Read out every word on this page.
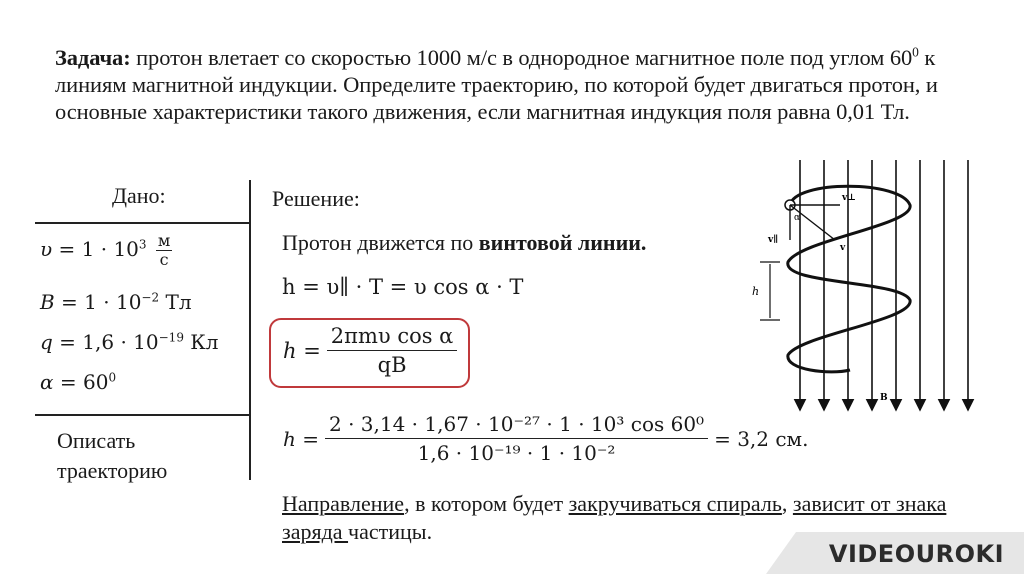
Задача: протон влетает со скоростью 1000 м/с в однородное магнитное поле под углом $60^0$ к линиям магнитной индукции. Определите траекторию, по которой будет двигаться протон, и основные характеристики такого движения, если магнитная индукция поля равна 0,01 Тл.
Дано:
$\upsilon = 1 \cdot 10^3 \frac{м}{с}$
$B = 1 \cdot 10^{-2}$ Тл
$q = 1,6 \cdot 10^{-19}$ Кл
$\alpha = 60^0$
Описать
траекторию
Решение:
Протон движется по винтовой линии.
h = υ∥ · T = υ cos α · T
h =
2πmυ cos α
qB
$h = \frac{\text{2 · 3,14 · 1,67 · 10⁻²⁷ · 1 · 10³ cos 60⁰}}{\text{1,6 · 10⁻¹⁹ · 1 · 10⁻²}} = 3,2$ см.
Направление, в котором будет закручиваться спираль, зависит от знака заряда частицы.
h
v⊥
v∥
v
α
B
VIDEOUROKI
